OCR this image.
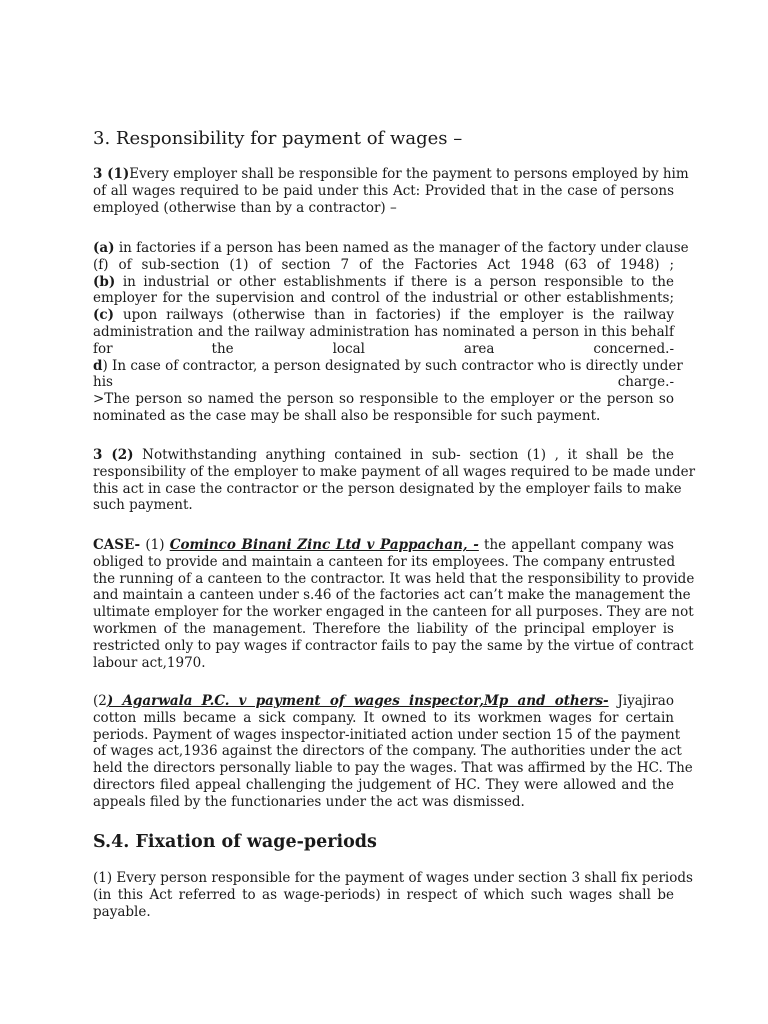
3. Responsibility for payment of wages –
3 (1)Every employer shall be responsible for the payment to persons employed by him
of all wages required to be paid under this Act: Provided that in the case of persons
employed (otherwise than by a contractor) –
(a) in factories if a person has been named as the manager of the factory under clause
(f) of sub-section (1) of section 7 of the Factories Act 1948 (63 of 1948) ;
(b) in industrial or other establishments if there is a person responsible to the
employer for the supervision and control of the industrial or other establishments;
(c) upon railways (otherwise than in factories) if the employer is the railway
administration and the railway administration has nominated a person in this behalf
for the local area concerned.-
d) In case of contractor, a person designated by such contractor who is directly under
his charge.-
>The person so named the person so responsible to the employer or the person so
nominated as the case may be shall also be responsible for such payment.
3 (2) Notwithstanding anything contained in sub- section (1) , it shall be the
responsibility of the employer to make payment of all wages required to be made under
this act in case the contractor or the person designated by the employer fails to make
such payment.
CASE- (1) Cominco Binani Zinc Ltd v Pappachan, - the appellant company was
obliged to provide and maintain a canteen for its employees. The company entrusted
the running of a canteen to the contractor. It was held that the responsibility to provide
and maintain a canteen under s.46 of the factories act can’t make the management the
ultimate employer for the worker engaged in the canteen for all purposes. They are not
workmen of the management. Therefore the liability of the principal employer is
restricted only to pay wages if contractor fails to pay the same by the virtue of contract
labour act,1970.
(2) Agarwala P.C. v payment of wages inspector,Mp and others- Jiyajirao
cotton mills became a sick company. It owned to its workmen wages for certain
periods. Payment of wages inspector-initiated action under section 15 of the payment
of wages act,1936 against the directors of the company. The authorities under the act
held the directors personally liable to pay the wages. That was affirmed by the HC. The
directors filed appeal challenging the judgement of HC. They were allowed and the
appeals filed by the functionaries under the act was dismissed.
S.4. Fixation of wage-periods
(1) Every person responsible for the payment of wages under section 3 shall fix periods
(in this Act referred to as wage-periods) in respect of which such wages shall be
payable.
